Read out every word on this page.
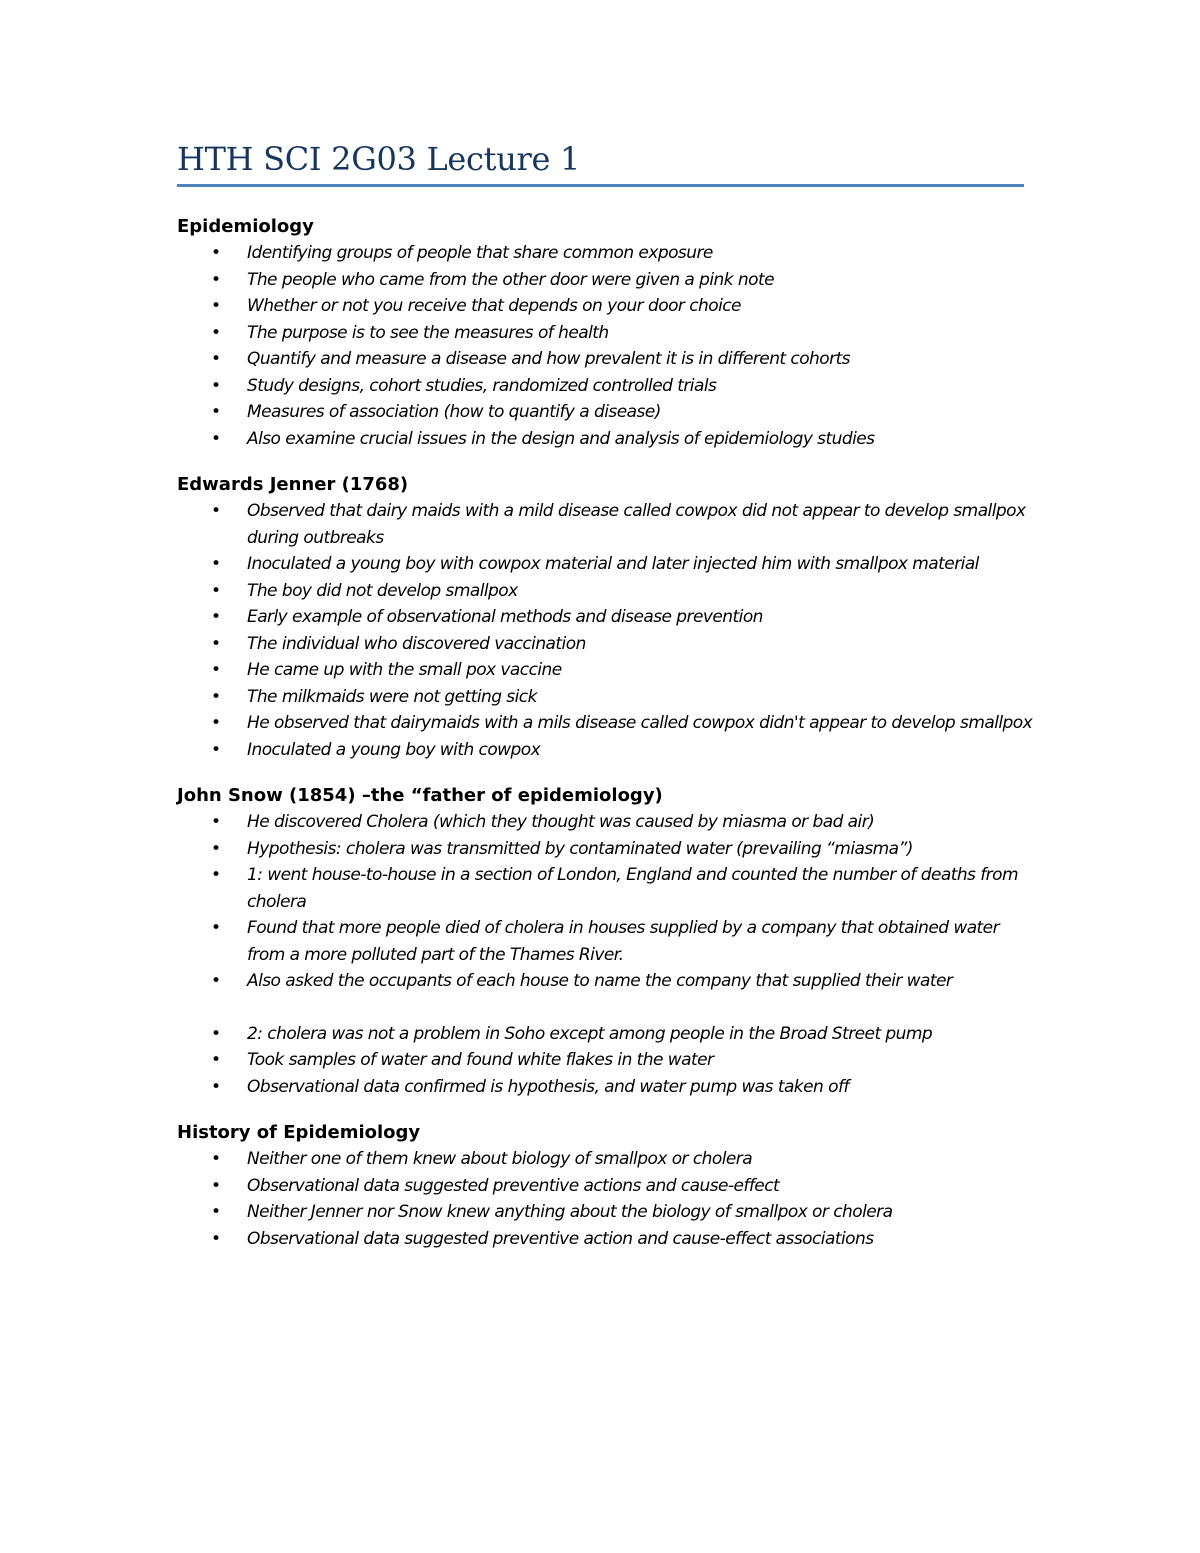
HTH SCI 2G03 Lecture 1

Epidemiology

• Identifying groups of people that share common exposure
• The people who came from the other door were given a pink note
• Whether or not you receive that depends on your door choice
• The purpose is to see the measures of health
• Quantify and measure a disease and how prevalent it is in different cohorts
• Study designs, cohort studies, randomized controlled trials
• Measures of association (how to quantify a disease)
• Also examine crucial issues in the design and analysis of epidemiology studies

Edwards Jenner (1768)

• Observed that dairy maids with a mild disease called cowpox did not appear to develop smallpox during outbreaks
• Inoculated a young boy with cowpox material and later injected him with smallpox material
• The boy did not develop smallpox
• Early example of observational methods and disease prevention
• The individual who discovered vaccination
• He came up with the small pox vaccine
• The milkmaids were not getting sick
• He observed that dairymaids with a mils disease called cowpox didn't appear to develop smallpox
• Inoculated a young boy with cowpox

John Snow (1854) –the “father of epidemiology)

• He discovered Cholera (which they thought was caused by miasma or bad air)
• Hypothesis: cholera was transmitted by contaminated water (prevailing “miasma”)
• 1: went house-to-house in a section of London, England and counted the number of deaths from cholera
• Found that more people died of cholera in houses supplied by a company that obtained water from a more polluted part of the Thames River.
• Also asked the occupants of each house to name the company that supplied their water
• 2: cholera was not a problem in Soho except among people in the Broad Street pump
• Took samples of water and found white flakes in the water
• Observational data confirmed is hypothesis, and water pump was taken off

History of Epidemiology

• Neither one of them knew about biology of smallpox or cholera
• Observational data suggested preventive actions and cause-effect
• Neither Jenner nor Snow knew anything about the biology of smallpox or cholera
• Observational data suggested preventive action and cause-effect associations
